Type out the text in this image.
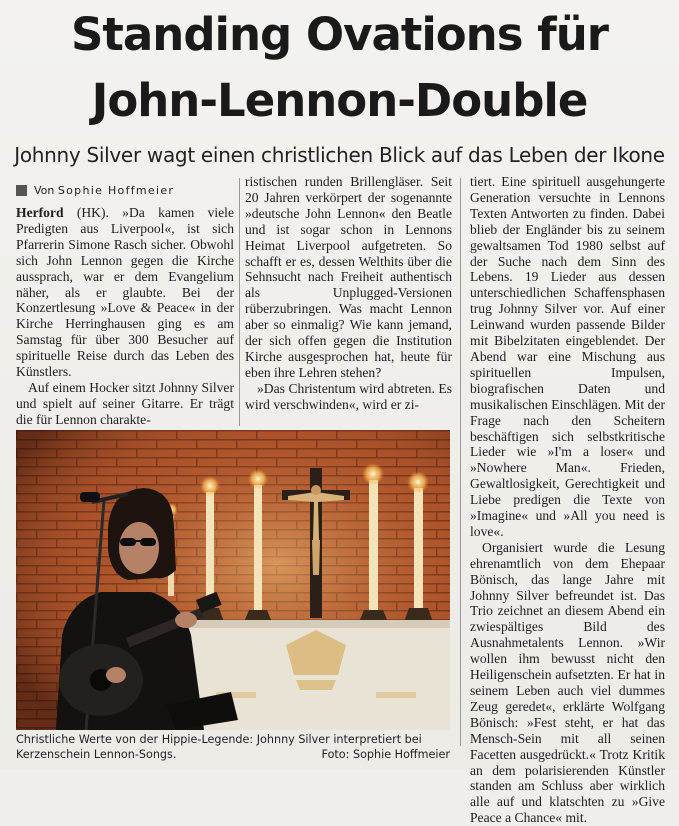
Standing Ovations für
John-Lennon-Double
Johnny Silver wagt einen christlichen Blick auf das Leben der Ikone
Von Sophie Hoffmeier

Herford (HK). »Da kamen viele Predigten aus Liverpool«, ist sich Pfarrerin Simone Rasch sicher. Obwohl sich John Lennon gegen die Kirche aussprach, war er dem Evangelium näher, als er glaubte. Bei der Konzertlesung »Love & Peace« in der Kirche Herringhausen ging es am Samstag für über 300 Besucher auf spirituelle Reise durch das Leben des Künstlers.

Auf einem Hocker sitzt Johnny Silver und spielt auf seiner Gitarre. Er trägt die für Lennon charakte-

ristischen runden Brillengläser. Seit 20 Jahren verkörpert der sogenannte »deutsche John Lennon« den Beatle und ist sogar schon in Lennons Heimat Liverpool aufgetreten. So schafft er es, dessen Welthits über die Sehnsucht nach Freiheit authentisch als Unplugged-Versionen rüberzubringen. Was macht Lennon aber so einmalig? Wie kann jemand, der sich offen gegen die Institution Kirche ausgesprochen hat, heute für eben ihre Lehren stehen?

»Das Christentum wird abtreten. Es wird verschwinden«, wird er zi-

tiert. Eine spirituell ausgehungerte Generation versuchte in Lennons Texten Antworten zu finden. Dabei blieb der Engländer bis zu seinem gewaltsamen Tod 1980 selbst auf der Suche nach dem Sinn des Lebens. 19 Lieder aus dessen unterschiedlichen Schaffensphasen trug Johnny Silver vor. Auf einer Leinwand wurden passende Bilder mit Bibelzitaten eingeblendet. Der Abend war eine Mischung aus spirituellen Impulsen, biografischen Daten und musikalischen Einschlägen. Mit der Frage nach den Scheitern beschäftigen sich selbstkritische Lieder wie »I'm a loser« und »Nowhere Man«. Frieden, Gewaltlosigkeit, Gerechtigkeit und Liebe predigen die Texte von »Imagine« und »All you need is love«.

Organisiert wurde die Lesung ehrenamtlich von dem Ehepaar Bönisch, das lange Jahre mit Johnny Silver befreundet ist. Das Trio zeichnet an diesem Abend ein zwiespältiges Bild des Ausnahmetalents Lennon. »Wir wollen ihm bewusst nicht den Heiligenschein aufsetzten. Er hat in seinem Leben auch viel dummes Zeug geredet«, erklärte Wolfgang Bönisch: »Fest steht, er hat das Mensch-Sein mit all seinen Facetten ausgedrückt.« Trotz Kritik an dem polarisierenden Künstler standen am Schluss aber wirklich alle auf und klatschten zu »Give Peace a Chance« mit.

Christliche Werte von der Hippie-Legende: Johnny Silver interpretiert bei
Kerzenschein Lennon-Songs.	Foto: Sophie Hoffmeier
